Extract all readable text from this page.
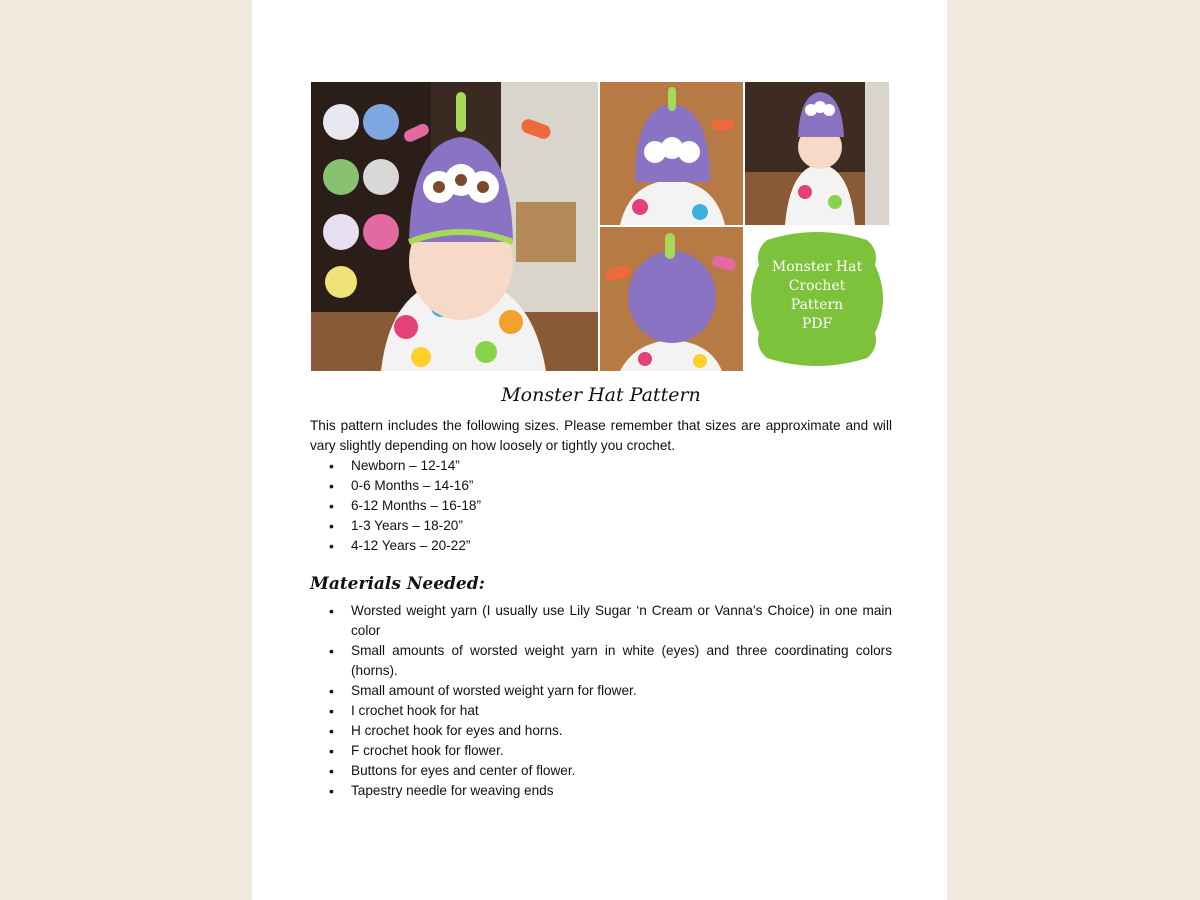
Monster Hat
Crochet
Pattern
PDF
Monster Hat Pattern
This pattern includes the following sizes. Please remember that sizes are approximate and will vary slightly depending on how loosely or tightly you crochet.
• Newborn – 12-14”
• 0-6 Months – 14-16”
• 6-12 Months – 16-18”
• 1-3 Years – 18-20”
• 4-12 Years – 20-22”
Materials Needed:
• Worsted weight yarn (I usually use Lily Sugar ‘n Cream or Vanna’s Choice) in one main color
• Small amounts of worsted weight yarn in white (eyes) and three coordinating colors (horns).
• Small amount of worsted weight yarn for flower.
• I crochet hook for hat
• H crochet hook for eyes and horns.
• F crochet hook for flower.
• Buttons for eyes and center of flower.
• Tapestry needle for weaving ends
